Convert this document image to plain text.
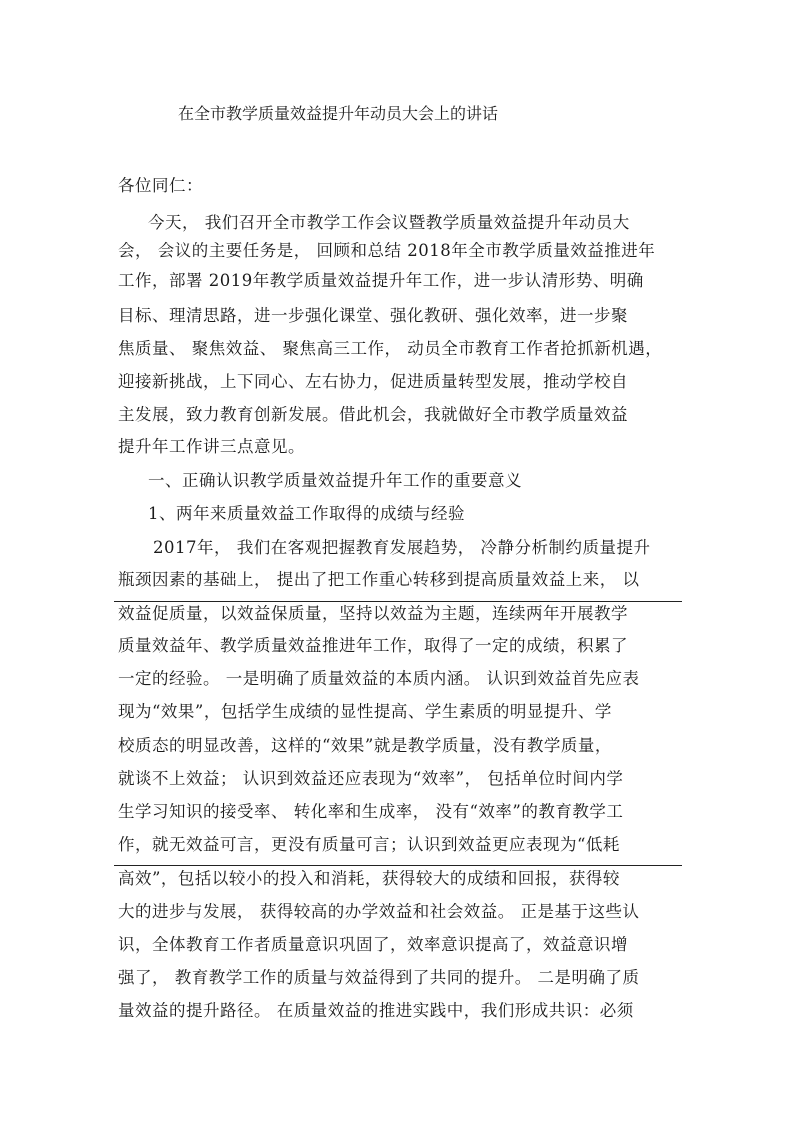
在全市教学质量效益提升年动员大会上的讲话
各位同仁：
今天， 我们召开全市教学工作会议暨教学质量效益提升年动员大
会， 会议的主要任务是， 回顾和总结 2018年全市教学质量效益推进年
工作，部署 2019年教学质量效益提升年工作，进一步认清形势、明确
目标、理清思路，进一步强化课堂、强化教研、强化效率，进一步聚
焦质量、 聚焦效益、 聚焦高三工作， 动员全市教育工作者抢抓新机遇，
迎接新挑战，上下同心、左右协力，促进质量转型发展，推动学校自
主发展，致力教育创新发展。借此机会，我就做好全市教学质量效益
提升年工作讲三点意见。
一、正确认识教学质量效益提升年工作的重要意义
1、两年来质量效益工作取得的成绩与经验
2017年， 我们在客观把握教育发展趋势， 冷静分析制约质量提升
瓶颈因素的基础上， 提出了把工作重心转移到提高质量效益上来， 以
效益促质量，以效益保质量，坚持以效益为主题，连续两年开展教学
质量效益年、教学质量效益推进年工作，取得了一定的成绩，积累了
一定的经验。 一是明确了质量效益的本质内涵。 认识到效益首先应表
现为“效果”，包括学生成绩的显性提高、学生素质的明显提升、学
校质态的明显改善，这样的“效果”就是教学质量，没有教学质量，
就谈不上效益； 认识到效益还应表现为“效率”， 包括单位时间内学
生学习知识的接受率、 转化率和生成率， 没有“效率”的教育教学工
作，就无效益可言，更没有质量可言；认识到效益更应表现为“低耗
高效”，包括以较小的投入和消耗，获得较大的成绩和回报，获得较
大的进步与发展， 获得较高的办学效益和社会效益。 正是基于这些认
识，全体教育工作者质量意识巩固了，效率意识提高了，效益意识增
强了， 教育教学工作的质量与效益得到了共同的提升。 二是明确了质
量效益的提升路径。 在质量效益的推进实践中，我们形成共识：必须
